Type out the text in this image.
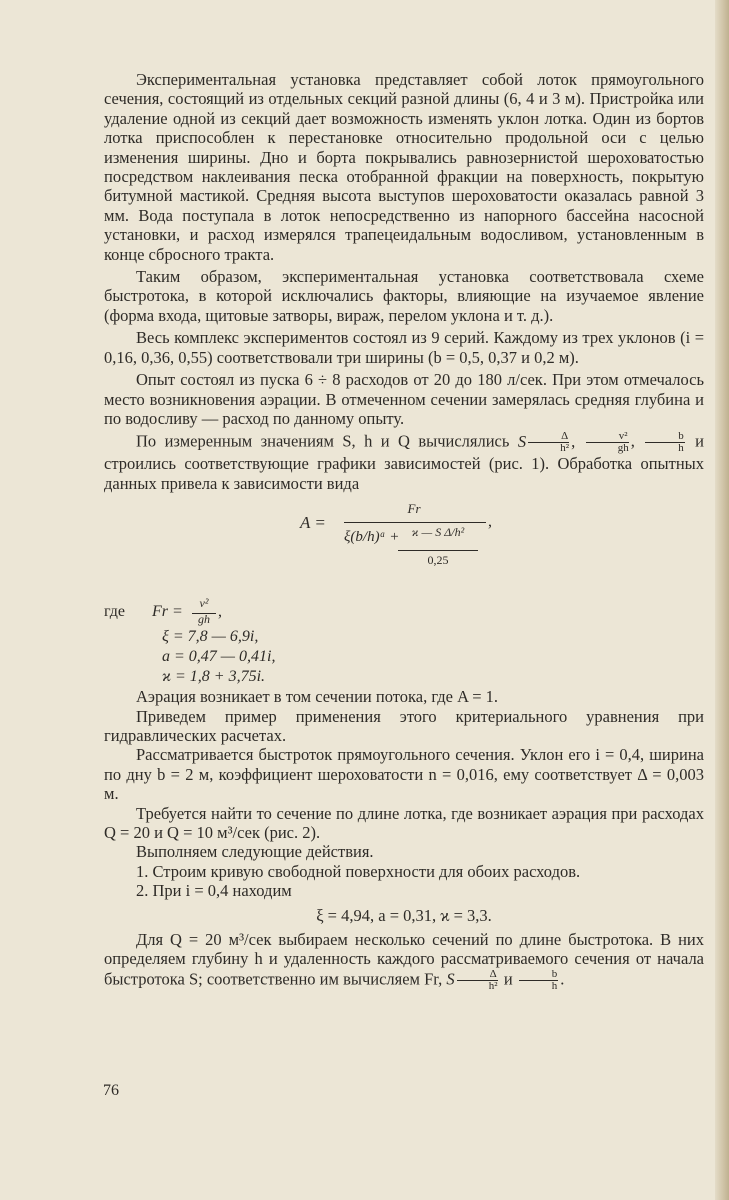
Экспериментальная установка представляет собой лоток прямоугольного сечения, состоящий из отдельных секций разной длины (6, 4 и 3 м). Пристройка или удаление одной из секций дает возможность изменять уклон лотка. Один из бортов лотка приспособлен к перестановке относительно продольной оси с целью изменения ширины. Дно и борта покрывались равнозернистой шероховатостью посредством наклеивания песка отобранной фракции на поверхность, покрытую битумной мастикой. Средняя высота выступов шероховатости оказалась равной 3 мм. Вода поступала в лоток непосредственно из напорного бассейна насосной установки, и расход измерялся трапецеидальным водосливом, установленным в конце сбросного тракта.

Таким образом, экспериментальная установка соответствовала схеме быстротока, в которой исключались факторы, влияющие на изучаемое явление (форма входа, щитовые затворы, вираж, перелом уклона и т. д.).

Весь комплекс экспериментов состоял из 9 серий. Каждому из трех уклонов (i = 0,16, 0,36, 0,55) соответствовали три ширины (b = 0,5, 0,37 и 0,2 м).

Опыт состоял из пуска 6 ÷ 8 расходов от 20 до 180 л/сек. При этом отмечалось место возникновения аэрации. В отмеченном сечении замерялась средняя глубина и по водосливу — расход по данному опыту.

По измеренным значениям S, h и Q вычислялись S $\frac{\Delta}{\text{h²}}$ , $\frac{\text{v²}}{gh}$ , $\frac{b}{h}$ и строились соответствующие графики зависимостей (рис. 1). Обработка опытных данных привела к зависимости вида

A =
Fr
,
ξ(b/h)ᵃ +	ϰ — S Δ/h²
0,25
где Fr =	v²
gh ,
ξ = 7,8 — 6,9i,
a = 0,47 — 0,41i,
ϰ = 1,8 + 3,75i.

Аэрация возникает в том сечении потока, где A = 1.

Приведем пример применения этого критериального уравнения при гидравлических расчетах.

Рассматривается быстроток прямоугольного сечения. Уклон его i = 0,4, ширина по дну b = 2 м, коэффициент шероховатости n = 0,016, ему соответствует Δ = 0,003 м.

Требуется найти то сечение по длине лотка, где возникает аэрация при расходах Q = 20 и Q = 10 м³/сек (рис. 2).

Выполняем следующие действия.

1. Строим кривую свободной поверхности для обоих расходов.

2. При i = 0,4 находим

ξ = 4,94, a = 0,31, ϰ = 3,3.

Для Q = 20 м³/сек выбираем несколько сечений по длине быстротока. В них определяем глубину h и удаленность каждого рассматриваемого сечения от начала быстротока S; соответственно им вычисляем Fr, S $\frac{\Delta}{\text{h²}}$ и $\frac{b}{h}$ .

76
